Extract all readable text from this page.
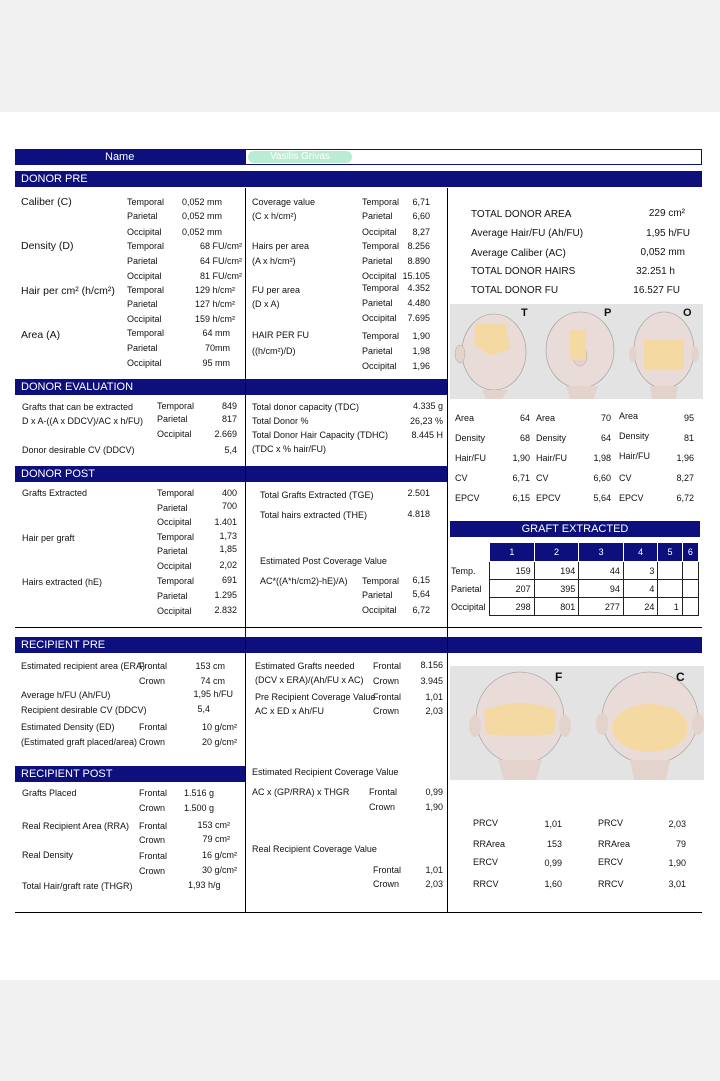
Name	Vasilis Grivas
DONOR PRE
Caliber (C)	Temporal 0,052 mm
Parietal	0,052 mm
Occipital 0,052 mm
Density (D)	Temporal	68 FU/cm²
Parietal	64 FU/cm²
Occipital	81 FU/cm²
Hair per cm² (h/cm²) Temporal	129 h/cm²
Parietal	127 h/cm²
Occipital	159 h/cm²
Area (A)	Temporal	64 mm
Parietal	70mm
Occipital	95 mm
Coverage value
(C x h/cm²)
Temporal	6,71
Parietal	6,60
Occipital	8,27
Hairs per area
(A x h/cm²)
Temporal 8.256
Parietal	8.890
Occipital 15.105
FU per area
(D x A)
Temporal 4.352
Parietal	4.480
Occipital	7.695
HAIR PER FU
((h/cm²)/D)
Temporal	1,90
Parietal	1,98
Occipital	1,96
TOTAL DONOR AREA	229 cm²
Average Hair/FU (Ah/FU)	1,95 h/FU
Average Caliber (AC)	0,052 mm
TOTAL DONOR HAIRS	32.251 h
TOTAL DONOR FU	16.527 FU
T	P	O
DONOR EVALUATION
Grafts that can be extracted
D x A-((A x DDCV)/AC x h/FU)
Temporal	849
Parietal	817
Occipital	2.669
Donor desirable CV (DDCV)	5,4
Total donor capacity (TDC)	4.335 g
Total Donor %	26,23 %
Total Donor Hair Capacity (TDHC)	8.445 H
(TDC x % hair/FU)
Area	64
Density	68
Hair/FU	1,90
CV	6,71
EPCV	6,15
Area	70
Density	64
Hair/FU	1,98
CV	6,60
EPCV	5,64
Area	95
Density	81
Hair/FU	1,96
CV	8,27
EPCV	6,72
DONOR POST
Grafts Extracted	Temporal	400
Parietal	700
Occipital	1.401
Hair per graft	Temporal	1,73
Parietal	1,85
Occipital	2,02
Hairs extracted (hE)	Temporal	691
Parietal	1.295
Occipital	2.832
Total Grafts Extracted (TGE)	2.501
Total hairs extracted (THE)	4.818
Estimated Post Coverage Value
AC*((A*h/cm2)-hE)/A) Temporal	6,15
Parietal	5,64
Occipital	6,72
GRAFT EXTRACTED
	1	2	3	4	5	6
Temp.	159	194	44	3		
Parietal	207	395	94	4		
Occipital	298	801	277	24	1	
RECIPIENT PRE
Estimated recipient area (ERA)
Frontal	153 cm
Crown	74 cm
Average h/FU (Ah/FU)	1,95 h/FU
Recipient desirable CV (DDCV)	5,4
Estimated Density (ED)
(Estimated graft placed/area)
Frontal	10 g/cm²
Crown	20 g/cm²
Estimated Grafts needed
(DCV x ERA)/(Ah/FU x AC)
Frontal	8.156
Crown	3.945
Pre Recipient Coverage Value
AC x ED x Ah/FU
Frontal	1,01
Crown	2,03
F	C
RECIPIENT POST
Grafts Placed	Frontal 1.516 g
Crown 1.500 g
Real Recipient Area (RRA) Frontal	153 cm²
Crown	79 cm²
Real Density	Frontal	16 g/cm²
Crown	30 g/cm²
Total Hair/graft rate (THGR)	1,93 h/g
Estimated Recipient Coverage Value
AC x (GP/RRA) x THGR Frontal	0,99
Crown	1,90
Real Recipient Coverage Value
Frontal	1,01
Crown	2,03
PRCV	1,01
RRArea	153
ERCV	0,99
RRCV	1,60
PRCV	2,03
RRArea	79
ERCV	1,90
RRCV	3,01
